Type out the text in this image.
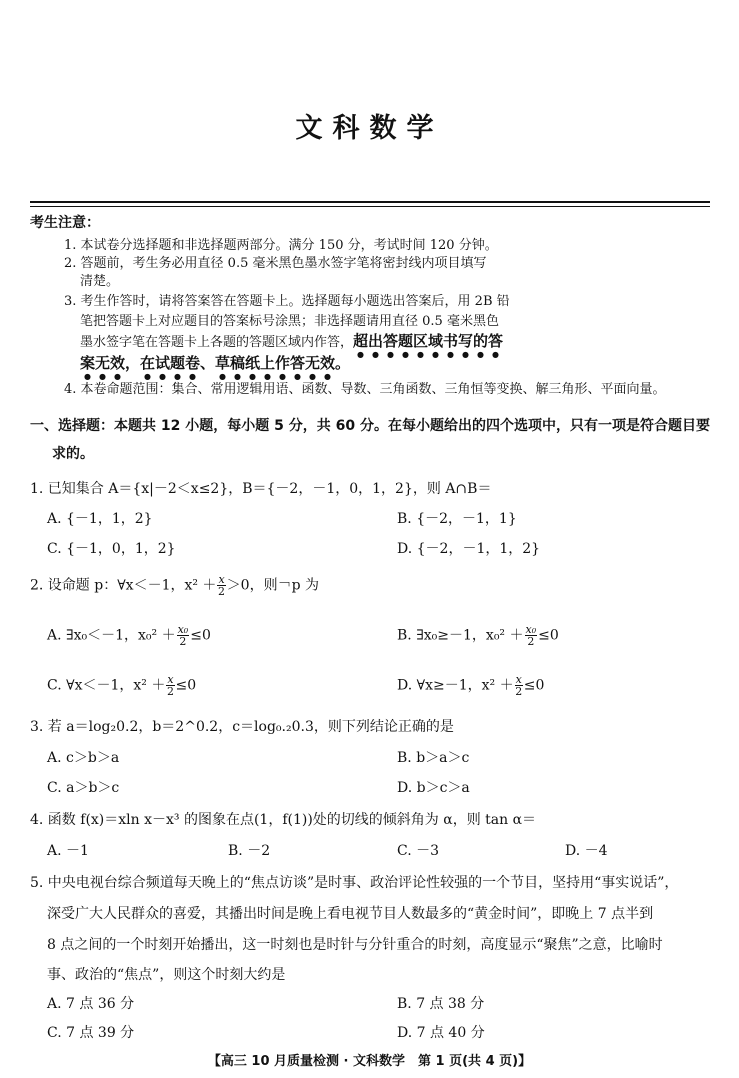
文科数学
考生注意：
1. 本试卷分选择题和非选择题两部分。满分 150 分，考试时间 120 分钟。
2. 答题前，考生务必用直径 0.5 毫米黑色墨水签字笔将密封线内项目填写
清楚。
3. 考生作答时，请将答案答在答题卡上。选择题每小题选出答案后，用 2B 铅
笔把答题卡上对应题目的答案标号涂黑；非选择题请用直径 0.5 毫米黑色
墨水签字笔在答题卡上各题的答题区域内作答，超出答题区域书写的答
案无效，在试题卷、草稿纸上作答无效。
4. 本卷命题范围：集合、常用逻辑用语、函数、导数、三角函数、三角恒等变换、解三角形、平面向量。
一、选择题：本题共 12 小题，每小题 5 分，共 60 分。在每小题给出的四个选项中，只有一项是符合题目要
求的。
1. 已知集合 A＝{x|－2＜x≤2}，B＝{－2，－1，0，1，2}，则 A∩B＝
A. {－1，1，2}	B. {－2，－1，1}
C. {－1，0，1，2}	D. {－2，－1，1，2}
2. 设命题 p：∀x＜－1，$x^2 + \frac{x}{2} >0$，则￢p 为
A. ∃x₀＜－1，$x_0^2 + \frac{\text{x₀}}{2} \le 0$	B. ∃x₀≥－1，$x_0^2 + \frac{\text{x₀}}{2} \le 0$
C. ∀x＜－1，$x^2 + \frac{x}{2} \le 0$	D. ∀x≥－1，$x^2 + \frac{x}{2} \le 0$
3. 若 a＝log₂0.2，b＝2^0.2，c＝log₀.₂0.3，则下列结论正确的是
A. c＞b＞a	B. b＞a＞c
C. a＞b＞c	D. b＞c＞a
4. 函数 f(x)＝xln x－x³ 的图象在点(1，f(1))处的切线的倾斜角为 α，则 tan α＝
A. －1	B. －2	C. －3	D. －4
5. 中央电视台综合频道每天晚上的“焦点访谈”是时事、政治评论性较强的一个节目，坚持用“事实说话”，
深受广大人民群众的喜爱，其播出时间是晚上看电视节目人数最多的“黄金时间”，即晚上 7 点半到
8 点之间的一个时刻开始播出，这一时刻也是时针与分针重合的时刻，高度显示“聚焦”之意，比喻时
事、政治的“焦点”，则这个时刻大约是
A. 7 点 36 分	B. 7 点 38 分
C. 7 点 39 分	D. 7 点 40 分
【高三 10 月质量检测 · 文科数学　第 1 页(共 4 页)】
